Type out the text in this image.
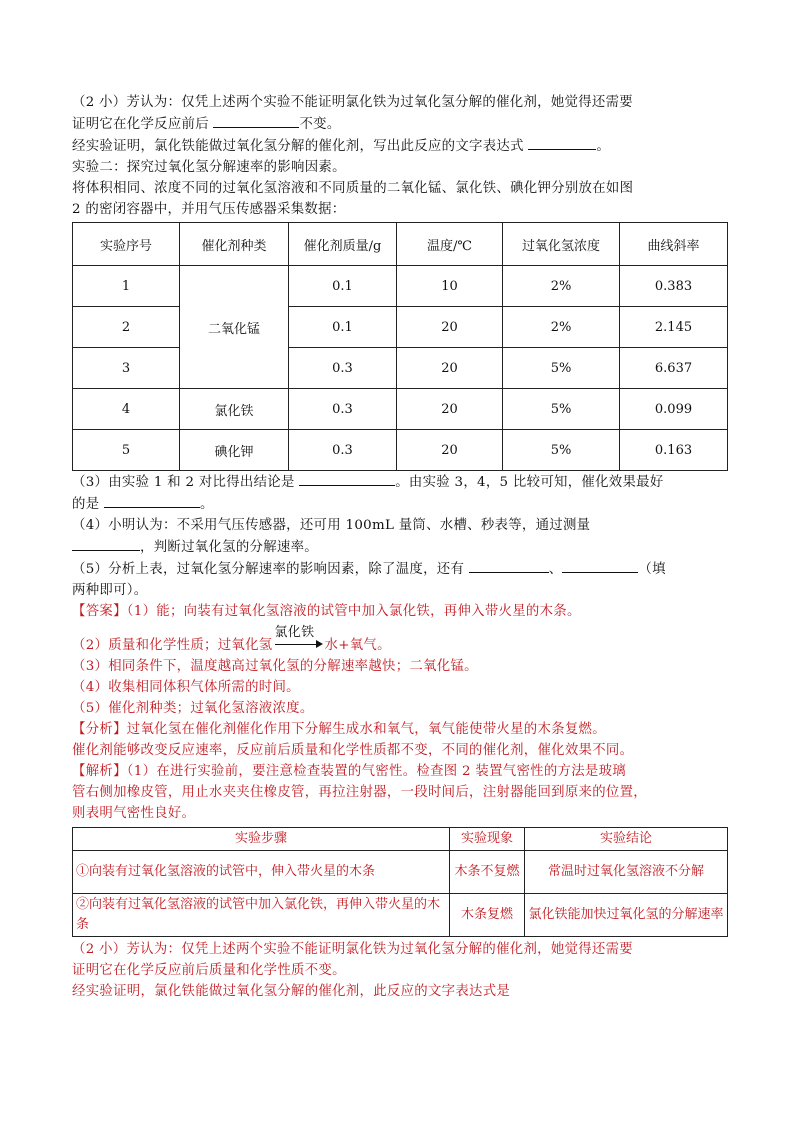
（2 小）芳认为：仅凭上述两个实验不能证明氯化铁为过氧化氢分解的催化剂，她觉得还需要
证明它在化学反应前后	不变。
经实验证明，氯化铁能做过氧化氢分解的催化剂，写出此反应的文字表达式	。
实验二：探究过氧化氢分解速率的影响因素。
将体积相同、浓度不同的过氧化氢溶液和不同质量的二氧化锰、氯化铁、碘化钾分别放在如图
2 的密闭容器中，并用气压传感器采集数据：
实验序号	催化剂种类	催化剂质量/g	温度/℃	过氧化氢浓度	曲线斜率
1	二氧化锰	0.1	10	2%	0.383
2		0.1	20	2%	2.145
3		0.3	20	5%	6.637
4	氯化铁	0.3	20	5%	0.099
5	碘化钾	0.3	20	5%	0.163
（3）由实验 1 和 2 对比得出结论是	。由实验 3，4，5 比较可知，催化效果最好
的是	。
（4）小明认为：不采用气压传感器，还可用 100mL 量筒、水槽、秒表等，通过测量
，判断过氧化氢的分解速率。
（5）分析上表，过氧化氢分解速率的影响因素，除了温度，还有	、	（填
两种即可）。
【答案】（1）能；向装有过氧化氢溶液的试管中加入氯化铁，再伸入带火星的木条。
（2）质量和化学性质；过氧化氢
氯化铁
水+氧气。
（3）相同条件下，温度越高过氧化氢的分解速率越快；二氧化锰。
（4）收集相同体积气体所需的时间。
（5）催化剂种类；过氧化氢溶液浓度。
【分析】过氧化氢在催化剂催化作用下分解生成水和氧气，氧气能使带火星的木条复燃。
催化剂能够改变反应速率，反应前后质量和化学性质都不变，不同的催化剂，催化效果不同。
【解析】（1）在进行实验前，要注意检查装置的气密性。检查图 2 装置气密性的方法是玻璃
管右侧加橡皮管，用止水夹夹住橡皮管，再拉注射器，一段时间后，注射器能回到原来的位置，
则表明气密性良好。
实验步骤	实验现象	实验结论
①向装有过氧化氢溶液的试管中，伸入带火星的木条	木条不复燃	常温时过氧化氢溶液不分解
②向装有过氧化氢溶液的试管中加入氯化铁，再伸入带火星的木条	木条复燃	氯化铁能加快过氧化氢的分解速率
（2 小）芳认为：仅凭上述两个实验不能证明氯化铁为过氧化氢分解的催化剂，她觉得还需要
证明它在化学反应前后质量和化学性质不变。
经实验证明，氯化铁能做过氧化氢分解的催化剂，此反应的文字表达式是
